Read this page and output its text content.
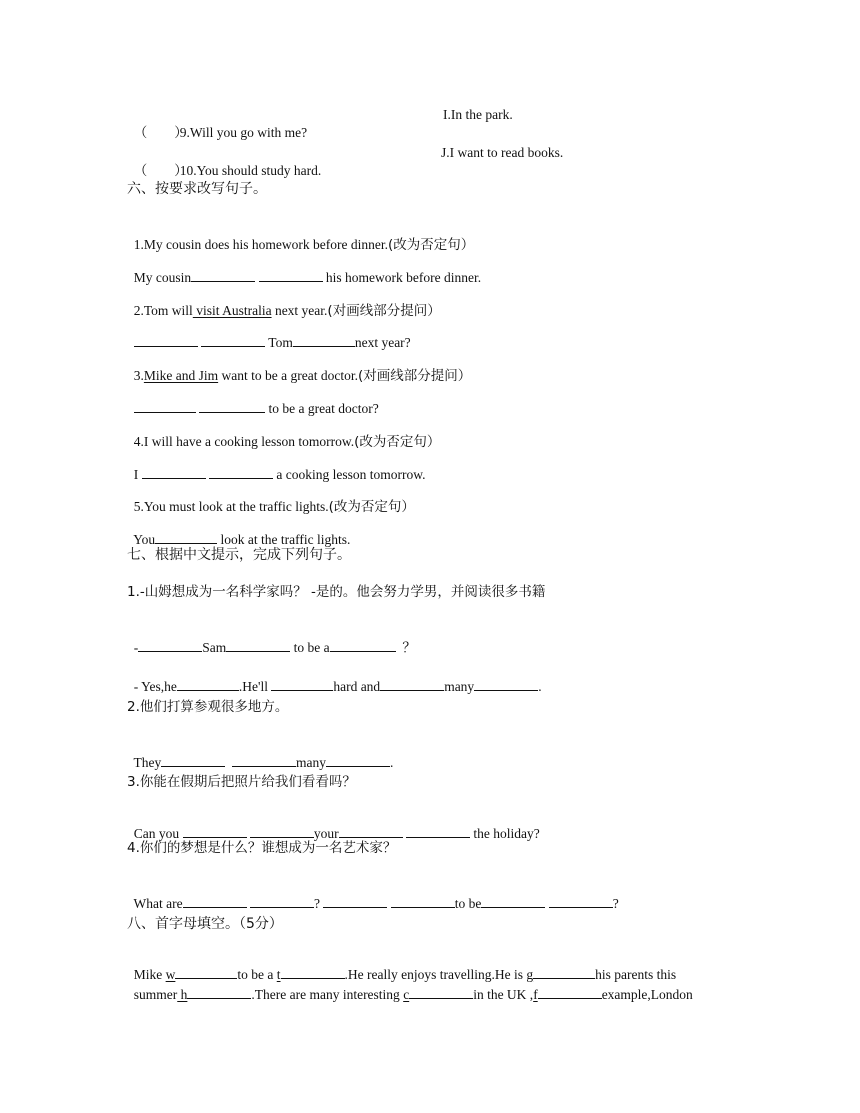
（        ）9.Will you go with me?

I.In the park.

（        ）10.You should study hard.

J.I want to read books.
六、按要求改写句子。

1.My cousin does his homework before dinner.(改为否定句）

My cousin	his homework before dinner.

2.Tom will visit Australia next year.(对画线部分提问）

Tom	next year?

3.Mike and Jim want to be a great doctor.(对画线部分提问）

to be a great doctor?

4.I will have a cooking lesson tomorrow.(改为否定句）

I	a cooking lesson tomorrow.

5.You must look at the traffic lights.(改为否定句）

You	look at the traffic lights.

七、根据中文提示，完成下列句子。
1.-山姆想成为一名科学家吗？ -是的。他会努力学男，并阅读很多书籍

-	Sam	to be a	？

- Yes,he	.He'll	hard and	many	.

2.他们打算参观很多地方。

They	many	.

3.你能在假期后把照片给我们看看吗？

Can you	your	the holiday?

4.你们的梦想是什么？谁想成为一名艺术家？

What are	?	to be	?

八、首字母填空。（5分）

Mike w	to be a t	.He really enjoys travelling.He is g	his parents this

summer h	.There are many interesting c	in the UK ,f	example,London
